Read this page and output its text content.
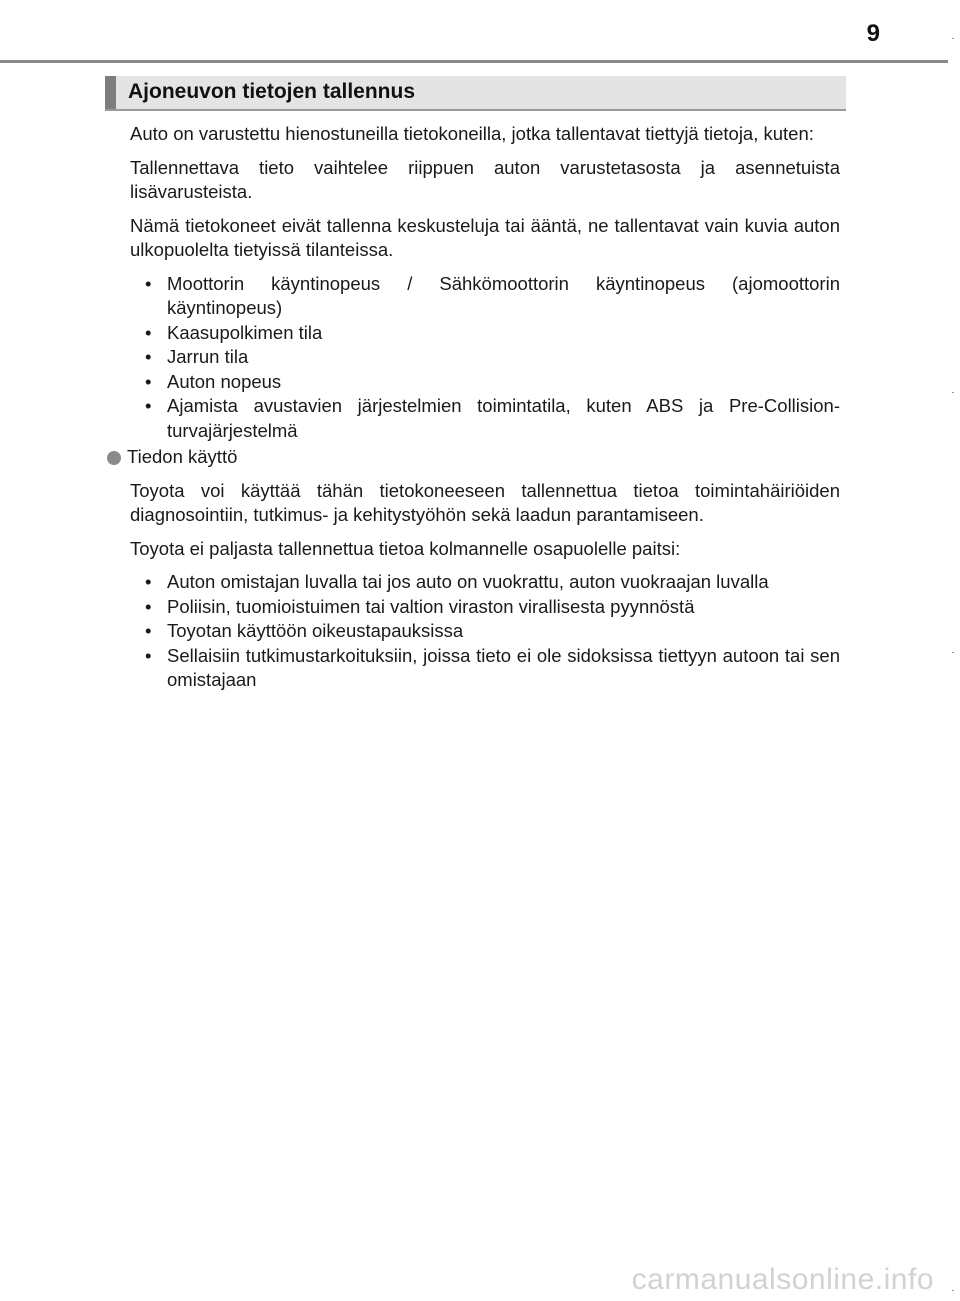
9
Ajoneuvon tietojen tallennus

Auto on varustettu hienostuneilla tietokoneilla, jotka tallentavat tiettyjä tietoja, kuten:

Tallennettava tieto vaihtelee riippuen auton varustetasosta ja asennetuista lisävarusteista.

Nämä tietokoneet eivät tallenna keskusteluja tai ääntä, ne tallentavat vain kuvia auton ulkopuolelta tietyissä tilanteissa.

• Moottorin käyntinopeus / Sähkömoottorin käyntinopeus (ajomoottorin käyntinopeus)
• Kaasupolkimen tila
• Jarrun tila
• Auton nopeus
• Ajamista avustavien järjestelmien toimintatila, kuten ABS ja Pre-Collision-turvajärjestelmä
Tiedon käyttö

Toyota voi käyttää tähän tietokoneeseen tallennettua tietoa toimintahäiriöiden diagnosointiin, tutkimus- ja kehitystyöhön sekä laadun parantamiseen.

Toyota ei paljasta tallennettua tietoa kolmannelle osapuolelle paitsi:

• Auton omistajan luvalla tai jos auto on vuokrattu, auton vuokraajan luvalla
• Poliisin, tuomioistuimen tai valtion viraston virallisesta pyynnöstä
• Toyotan käyttöön oikeustapauksissa
• Sellaisiin tutkimustarkoituksiin, joissa tieto ei ole sidoksissa tiettyyn autoon tai sen omistajaan
carmanualsonline.info
